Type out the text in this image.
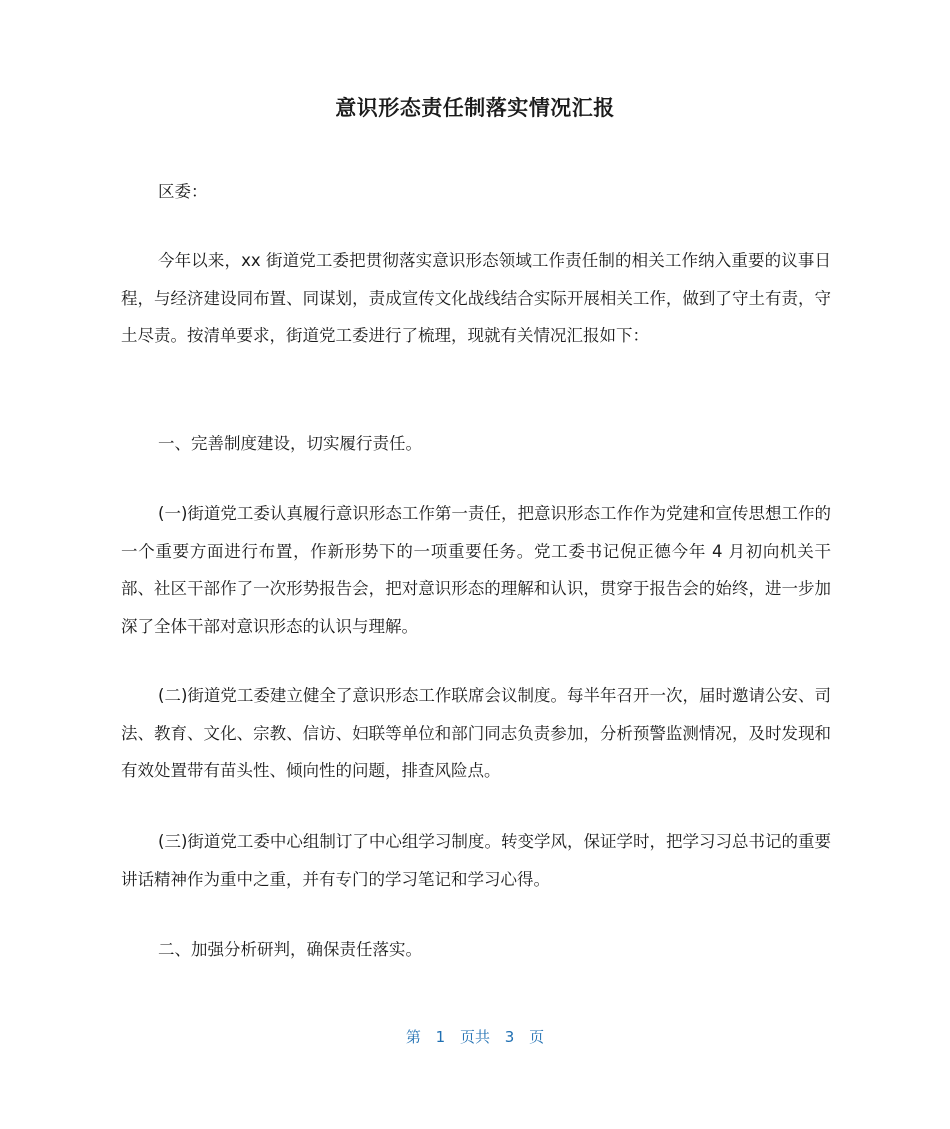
意识形态责任制落实情况汇报

区委：

今年以来，xx 街道党工委把贯彻落实意识形态领域工作责任制的相关工作纳入重要的议事日程，与经济建设同布置、同谋划，责成宣传文化战线结合实际开展相关工作，做到了守土有责，守土尽责。按清单要求，街道党工委进行了梳理，现就有关情况汇报如下：

一、完善制度建设，切实履行责任。

(一)街道党工委认真履行意识形态工作第一责任，把意识形态工作作为党建和宣传思想工作的一个重要方面进行布置，作新形势下的一项重要任务。党工委书记倪正德今年 4 月初向机关干部、社区干部作了一次形势报告会，把对意识形态的理解和认识，贯穿于报告会的始终，进一步加深了全体干部对意识形态的认识与理解。

(二)街道党工委建立健全了意识形态工作联席会议制度。每半年召开一次，届时邀请公安、司法、教育、文化、宗教、信访、妇联等单位和部门同志负责参加，分析预警监测情况，及时发现和有效处置带有苗头性、倾向性的问题，排查风险点。

(三)街道党工委中心组制订了中心组学习制度。转变学风，保证学时，把学习习总书记的重要讲话精神作为重中之重，并有专门的学习笔记和学习心得。

二、加强分析研判，确保责任落实。

第 1 页共 3 页
